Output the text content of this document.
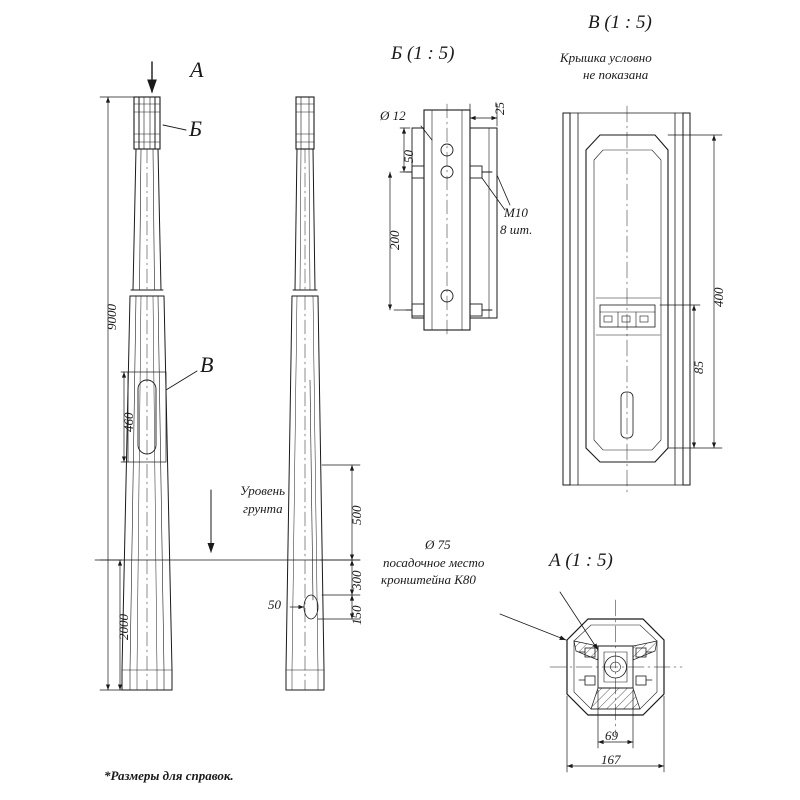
А
Б
В
Б (1 : 5)
В (1 : 5)
А (1 : 5)
Крышка условно
не показана
Уровень
грунта
Ø 75
посадочное место
кронштейна К80
М10
8 шт.
Ø 12
*Размеры для справок.
9000
2000
460
500
300
150
50
200
50
25
400
85
69
167
